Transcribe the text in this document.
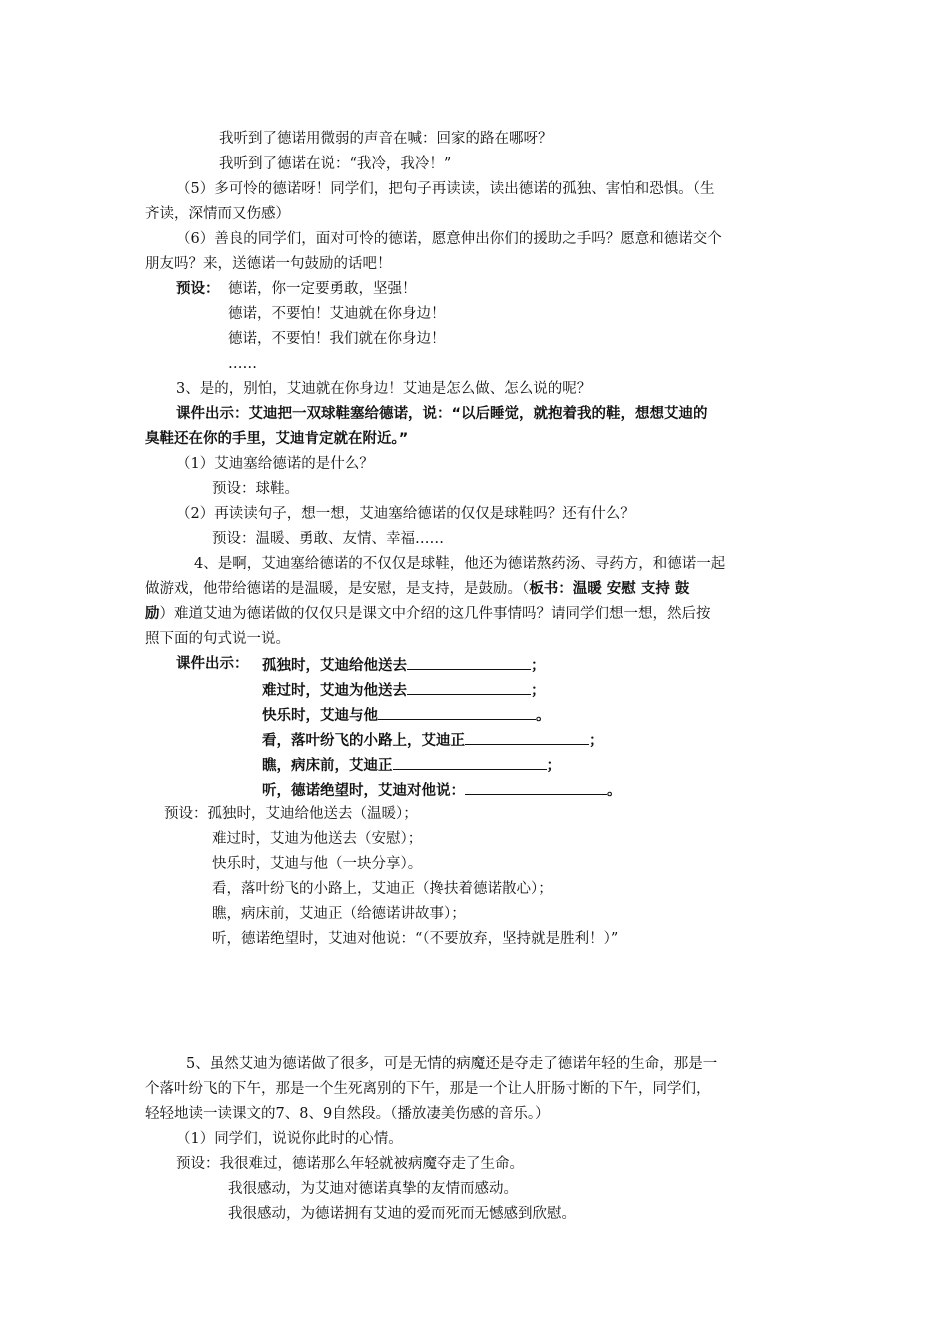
我听到了德诺用微弱的声音在喊：回家的路在哪呀？
我听到了德诺在说：“我冷，我冷！”
（5）多可怜的德诺呀！同学们，把句子再读读，读出德诺的孤独、害怕和恐惧。（生
齐读，深情而又伤感）
（6）善良的同学们，面对可怜的德诺，愿意伸出你们的援助之手吗？愿意和德诺交个
朋友吗？来，送德诺一句鼓励的话吧！
预设： 德诺，你一定要勇敢，坚强！
德诺，不要怕！艾迪就在你身边！
德诺，不要怕！我们就在你身边！
……
3、是的，别怕，艾迪就在你身边！艾迪是怎么做、怎么说的呢？
课件出示：艾迪把一双球鞋塞给德诺，说：“以后睡觉，就抱着我的鞋，想想艾迪的
臭鞋还在你的手里，艾迪肯定就在附近。”
（1）艾迪塞给德诺的是什么？
预设：球鞋。
（2）再读读句子，想一想，艾迪塞给德诺的仅仅是球鞋吗？还有什么？
预设：温暖、勇敢、友情、幸福……
4、是啊，艾迪塞给德诺的不仅仅是球鞋，他还为德诺熬药汤、寻药方，和德诺一起
做游戏，他带给德诺的是温暖，是安慰，是支持，是鼓励。（板书：温暖 安慰 支持 鼓
励）难道艾迪为德诺做的仅仅只是课文中介绍的这几件事情吗？请同学们想一想，然后按
照下面的句式说一说。
课件出示： 孤独时，艾迪给他送去	；
难过时，艾迪为他送去	；
快乐时，艾迪与他	。
看，落叶纷飞的小路上，艾迪正	；
瞧，病床前，艾迪正	；
听，德诺绝望时，艾迪对他说：	。
预设：孤独时，艾迪给他送去（温暖）；
难过时，艾迪为他送去（安慰）；
快乐时，艾迪与他（一块分享）。
看，落叶纷飞的小路上，艾迪正（搀扶着德诺散心）；
瞧，病床前，艾迪正（给德诺讲故事）；
听，德诺绝望时，艾迪对他说：“（不要放弃，坚持就是胜利！）”
5、虽然艾迪为德诺做了很多，可是无情的病魔还是夺走了德诺年轻的生命，那是一
个落叶纷飞的下午，那是一个生死离别的下午，那是一个让人肝肠寸断的下午，同学们，
轻轻地读一读课文的7、8、9自然段。（播放凄美伤感的音乐。）
（1）同学们，说说你此时的心情。
预设：我很难过，德诺那么年轻就被病魔夺走了生命。
我很感动，为艾迪对德诺真挚的友情而感动。
我很感动，为德诺拥有艾迪的爱而死而无憾感到欣慰。
